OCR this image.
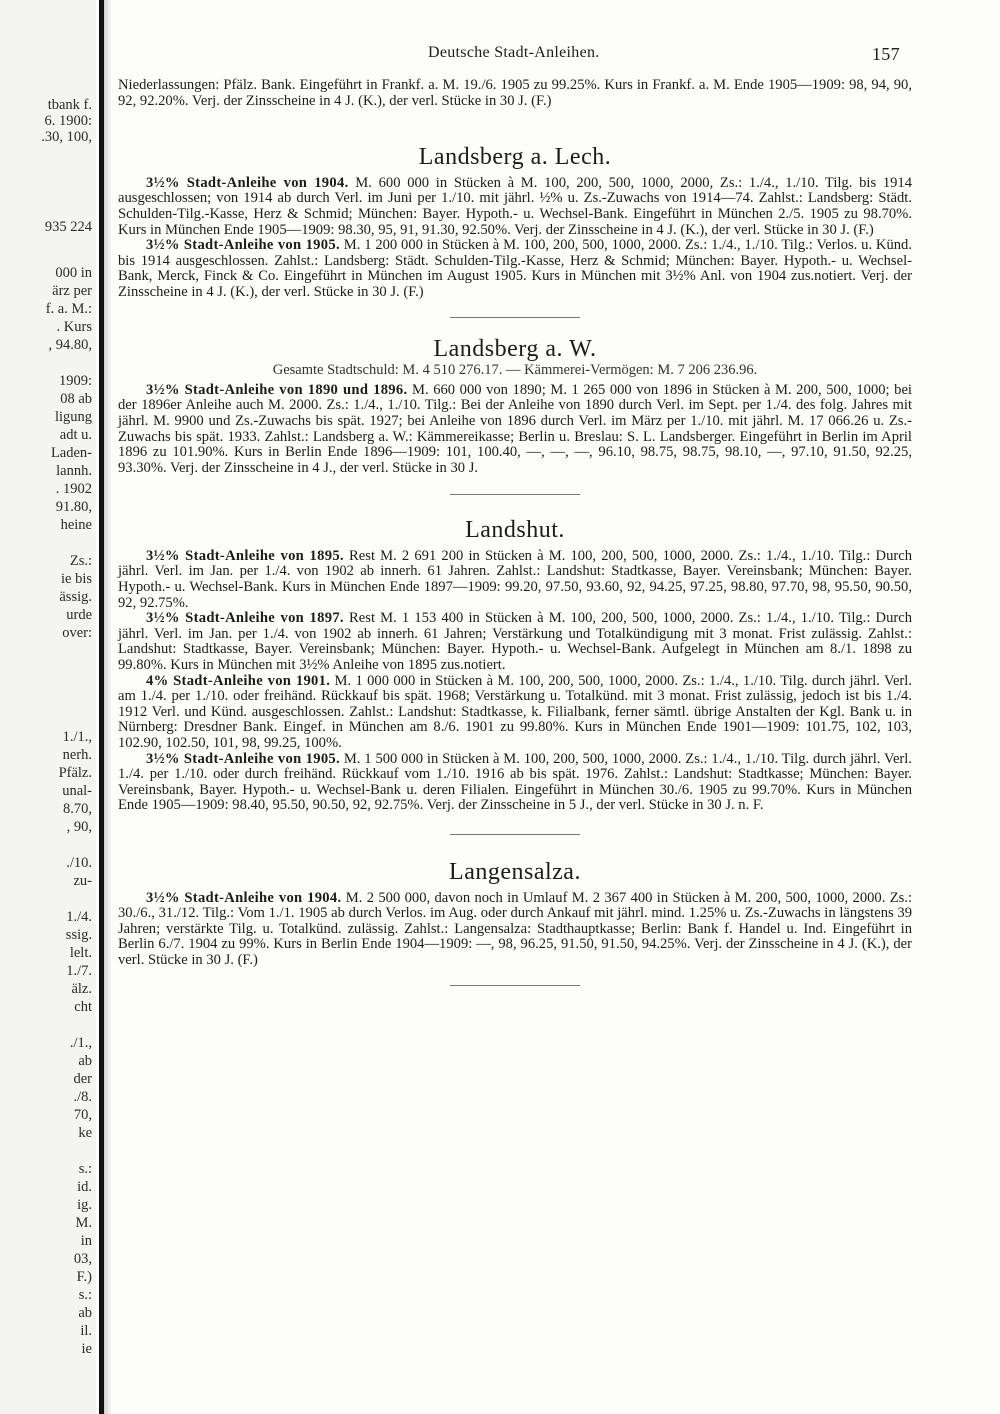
tbank f.
6. 1900:
.30, 100,
935 224
000 in
ärz per
f. a. M.:
. Kurs
, 94.80,
1909:
08 ab
ligung
adt u.
Laden-
lannh.
. 1902
91.80,
heine
Zs.:
ie bis
ässig.
urde
over:
1./1.,
nerh.
Pfälz.
unal-
8.70,
, 90,
./10.
zu-
1./4.
ssig.
lelt.
1./7.
älz.
cht
./1.,
ab
der
./8.
70,
ke
s.:
id.
ig.
M.
in
03,
F.)
s.:
ab
il.
ie
Deutsche Stadt-Anleihen.	157

Niederlassungen: Pfälz. Bank. Eingeführt in Frankf. a. M. 19./6. 1905 zu 99.25%. Kurs in Frankf. a. M. Ende 1905—1909: 98, 94, 90, 92, 92.20%. Verj. der Zinsscheine in 4 J. (K.), der verl. Stücke in 30 J. (F.)

Landsberg a. Lech.

3½% Stadt-Anleihe von 1904. M. 600 000 in Stücken à M. 100, 200, 500, 1000, 2000, Zs.: 1./4., 1./10. Tilg. bis 1914 ausgeschlossen; von 1914 ab durch Verl. im Juni per 1./10. mit jährl. ½% u. Zs.-Zuwachs von 1914—74. Zahlst.: Landsberg: Städt. Schulden-Tilg.-Kasse, Herz & Schmid; München: Bayer. Hypoth.- u. Wechsel-Bank. Eingeführt in München 2./5. 1905 zu 98.70%. Kurs in München Ende 1905—1909: 98.30, 95, 91, 91.30, 92.50%. Verj. der Zinsscheine in 4 J. (K.), der verl. Stücke in 30 J. (F.)

3½% Stadt-Anleihe von 1905. M. 1 200 000 in Stücken à M. 100, 200, 500, 1000, 2000. Zs.: 1./4., 1./10. Tilg.: Verlos. u. Künd. bis 1914 ausgeschlossen. Zahlst.: Landsberg: Städt. Schulden-Tilg.-Kasse, Herz & Schmid; München: Bayer. Hypoth.- u. Wechsel-Bank, Merck, Finck & Co. Eingeführt in München im August 1905. Kurs in München mit 3½% Anl. von 1904 zus.notiert. Verj. der Zinsscheine in 4 J. (K.), der verl. Stücke in 30 J. (F.)

Landsberg a. W.

Gesamte Stadtschuld: M. 4 510 276.17. — Kämmerei-Vermögen: M. 7 206 236.96.

3½% Stadt-Anleihe von 1890 und 1896. M. 660 000 von 1890; M. 1 265 000 von 1896 in Stücken à M. 200, 500, 1000; bei der 1896er Anleihe auch M. 2000. Zs.: 1./4., 1./10. Tilg.: Bei der Anleihe von 1890 durch Verl. im Sept. per 1./4. des folg. Jahres mit jährl. M. 9900 und Zs.-Zuwachs bis spät. 1927; bei Anleihe von 1896 durch Verl. im März per 1./10. mit jährl. M. 17 066.26 u. Zs.-Zuwachs bis spät. 1933. Zahlst.: Landsberg a. W.: Kämmereikasse; Berlin u. Breslau: S. L. Landsberger. Eingeführt in Berlin im April 1896 zu 101.90%. Kurs in Berlin Ende 1896—1909: 101, 100.40, —, —, —, 96.10, 98.75, 98.75, 98.10, —, 97.10, 91.50, 92.25, 93.30%. Verj. der Zinsscheine in 4 J., der verl. Stücke in 30 J.

Landshut.

3½% Stadt-Anleihe von 1895. Rest M. 2 691 200 in Stücken à M. 100, 200, 500, 1000, 2000. Zs.: 1./4., 1./10. Tilg.: Durch jährl. Verl. im Jan. per 1./4. von 1902 ab innerh. 61 Jahren. Zahlst.: Landshut: Stadtkasse, Bayer. Vereinsbank; München: Bayer. Hypoth.- u. Wechsel-Bank. Kurs in München Ende 1897—1909: 99.20, 97.50, 93.60, 92, 94.25, 97.25, 98.80, 97.70, 98, 95.50, 90.50, 92, 92.75%.

3½% Stadt-Anleihe von 1897. Rest M. 1 153 400 in Stücken à M. 100, 200, 500, 1000, 2000. Zs.: 1./4., 1./10. Tilg.: Durch jährl. Verl. im Jan. per 1./4. von 1902 ab innerh. 61 Jahren; Verstärkung und Totalkündigung mit 3 monat. Frist zulässig. Zahlst.: Landshut: Stadtkasse, Bayer. Vereinsbank; München: Bayer. Hypoth.- u. Wechsel-Bank. Aufgelegt in München am 8./1. 1898 zu 99.80%. Kurs in München mit 3½% Anleihe von 1895 zus.notiert.

4% Stadt-Anleihe von 1901. M. 1 000 000 in Stücken à M. 100, 200, 500, 1000, 2000. Zs.: 1./4., 1./10. Tilg. durch jährl. Verl. am 1./4. per 1./10. oder freihänd. Rückkauf bis spät. 1968; Verstärkung u. Totalkünd. mit 3 monat. Frist zulässig, jedoch ist bis 1./4. 1912 Verl. und Künd. ausgeschlossen. Zahlst.: Landshut: Stadtkasse, k. Filialbank, ferner sämtl. übrige Anstalten der Kgl. Bank u. in Nürnberg: Dresdner Bank. Eingef. in München am 8./6. 1901 zu 99.80%. Kurs in München Ende 1901—1909: 101.75, 102, 103, 102.90, 102.50, 101, 98, 99.25, 100%.

3½% Stadt-Anleihe von 1905. M. 1 500 000 in Stücken à M. 100, 200, 500, 1000, 2000. Zs.: 1./4., 1./10. Tilg. durch jährl. Verl. 1./4. per 1./10. oder durch freihänd. Rückkauf vom 1./10. 1916 ab bis spät. 1976. Zahlst.: Landshut: Stadtkasse; München: Bayer. Vereinsbank, Bayer. Hypoth.- u. Wechsel-Bank u. deren Filialen. Eingeführt in München 30./6. 1905 zu 99.70%. Kurs in München Ende 1905—1909: 98.40, 95.50, 90.50, 92, 92.75%. Verj. der Zinsscheine in 5 J., der verl. Stücke in 30 J. n. F.

Langensalza.

3½% Stadt-Anleihe von 1904. M. 2 500 000, davon noch in Umlauf M. 2 367 400 in Stücken à M. 200, 500, 1000, 2000. Zs.: 30./6., 31./12. Tilg.: Vom 1./1. 1905 ab durch Verlos. im Aug. oder durch Ankauf mit jährl. mind. 1.25% u. Zs.-Zuwachs in längstens 39 Jahren; verstärkte Tilg. u. Totalkünd. zulässig. Zahlst.: Langensalza: Stadthauptkasse; Berlin: Bank f. Handel u. Ind. Eingeführt in Berlin 6./7. 1904 zu 99%. Kurs in Berlin Ende 1904—1909: —, 98, 96.25, 91.50, 91.50, 94.25%. Verj. der Zinsscheine in 4 J. (K.), der verl. Stücke in 30 J. (F.)
